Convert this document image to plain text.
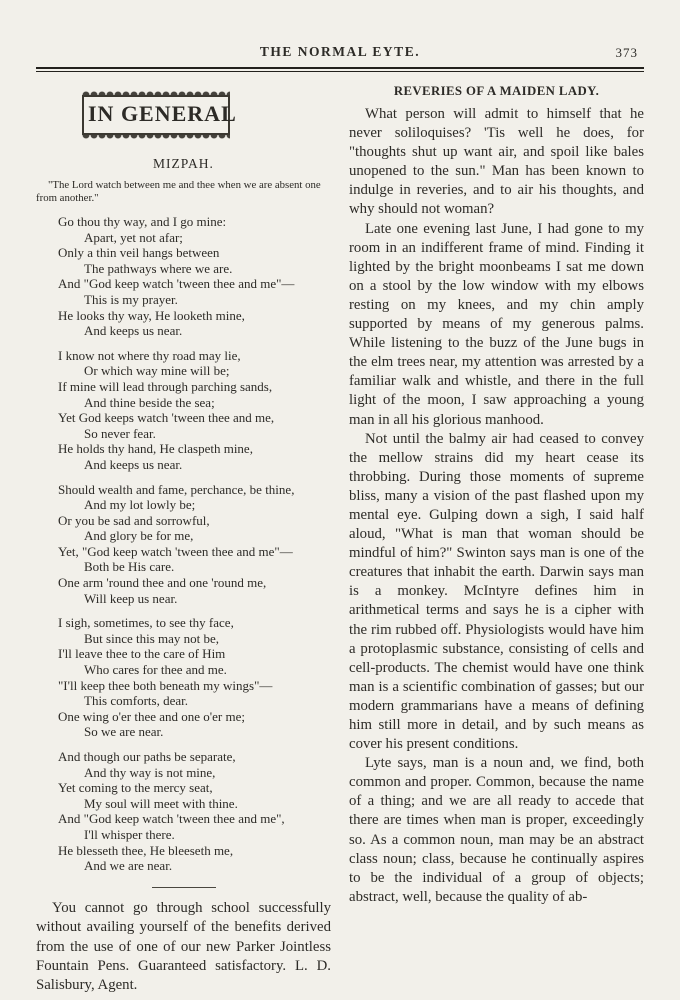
THE NORMAL EYTE.	373
IN GENERAL
MIZPAH.

"The Lord watch between me and thee when we are absent one from another."

Go thou thy way, and I go mine:
Apart, yet not afar;
Only a thin veil hangs between
The pathways where we are.
And "God keep watch 'tween thee and me"—
This is my prayer.
He looks thy way, He looketh mine,
And keeps us near.
I know not where thy road may lie,
Or which way mine will be;
If mine will lead through parching sands,
And thine beside the sea;
Yet God keeps watch 'tween thee and me,
So never fear.
He holds thy hand, He claspeth mine,
And keeps us near.
Should wealth and fame, perchance, be thine,
And my lot lowly be;
Or you be sad and sorrowful,
And glory be for me,
Yet, "God keep watch 'tween thee and me"—
Both be His care.
One arm 'round thee and one 'round me,
Will keep us near.
I sigh, sometimes, to see thy face,
But since this may not be,
I'll leave thee to the care of Him
Who cares for thee and me.
"I'll keep thee both beneath my wings"—
This comforts, dear.
One wing o'er thee and one o'er me;
So we are near.
And though our paths be separate,
And thy way is not mine,
Yet coming to the mercy seat,
My soul will meet with thine.
And "God keep watch 'tween thee and me",
I'll whisper there.
He blesseth thee, He bleeseth me,
And we are near.

You cannot go through school successfully without availing yourself of the benefits derived from the use of one of our new Parker Jointless Fountain Pens. Guaranteed satisfactory. L. D. Salisbury, Agent.

REVERIES OF A MAIDEN LADY.

What person will admit to himself that he never soliloquises? 'Tis well he does, for "thoughts shut up want air, and spoil like bales unopened to the sun." Man has been known to indulge in reveries, and to air his thoughts, and why should not woman?

Late one evening last June, I had gone to my room in an indifferent frame of mind. Finding it lighted by the bright moonbeams I sat me down on a stool by the low window with my elbows resting on my knees, and my chin amply supported by means of my generous palms. While listening to the buzz of the June bugs in the elm trees near, my attention was arrested by a familiar walk and whistle, and there in the full light of the moon, I saw approaching a young man in all his glorious manhood.

Not until the balmy air had ceased to convey the mellow strains did my heart cease its throbbing. During those moments of supreme bliss, many a vision of the past flashed upon my mental eye. Gulping down a sigh, I said half aloud, "What is man that woman should be mindful of him?" Swinton says man is one of the creatures that inhabit the earth. Darwin says man is a monkey. McIntyre defines him in arithmetical terms and says he is a cipher with the rim rubbed off. Physiologists would have him a protoplasmic substance, consisting of cells and cell-products. The chemist would have one think man is a scientific combination of gasses; but our modern grammarians have a means of defining him still more in detail, and by such means as cover his present conditions.

Lyte says, man is a noun and, we find, both common and proper. Common, because the name of a thing; and we are all ready to accede that there are times when man is proper, exceedingly so. As a common noun, man may be an abstract class noun; class, because he continually aspires to be the individual of a group of objects; abstract, well, because the quality of ab-
